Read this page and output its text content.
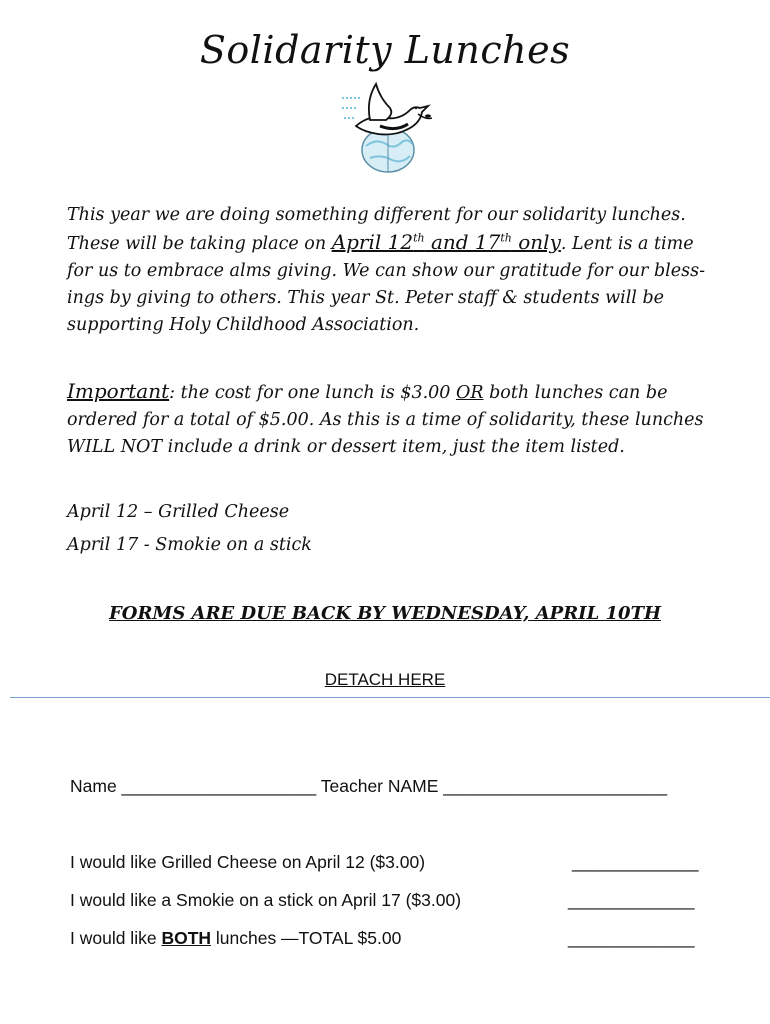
Solidarity Lunches
This year we are doing something different for our solidarity lunches.
These will be taking place on April 12th and 17th only. Lent is a time
for us to embrace alms giving. We can show our gratitude for our bless-
ings by giving to others. This year St. Peter staff & students will be
supporting Holy Childhood Association.
Important: the cost for one lunch is $3.00 OR both lunches can be
ordered for a total of $5.00. As this is a time of solidarity, these lunches
WILL NOT include a drink or dessert item, just the item listed.
April 12 – Grilled Cheese
April 17 - Smokie on a stick
FORMS ARE DUE BACK BY WEDNESDAY, APRIL 10TH
DETACH HERE
Name ____________________ Teacher NAME _______________________
I would like Grilled Cheese on April 12 ($3.00)	_____________
I would like a Smokie on a stick on April 17 ($3.00)	_____________
I would like BOTH lunches —TOTAL $5.00	_____________
